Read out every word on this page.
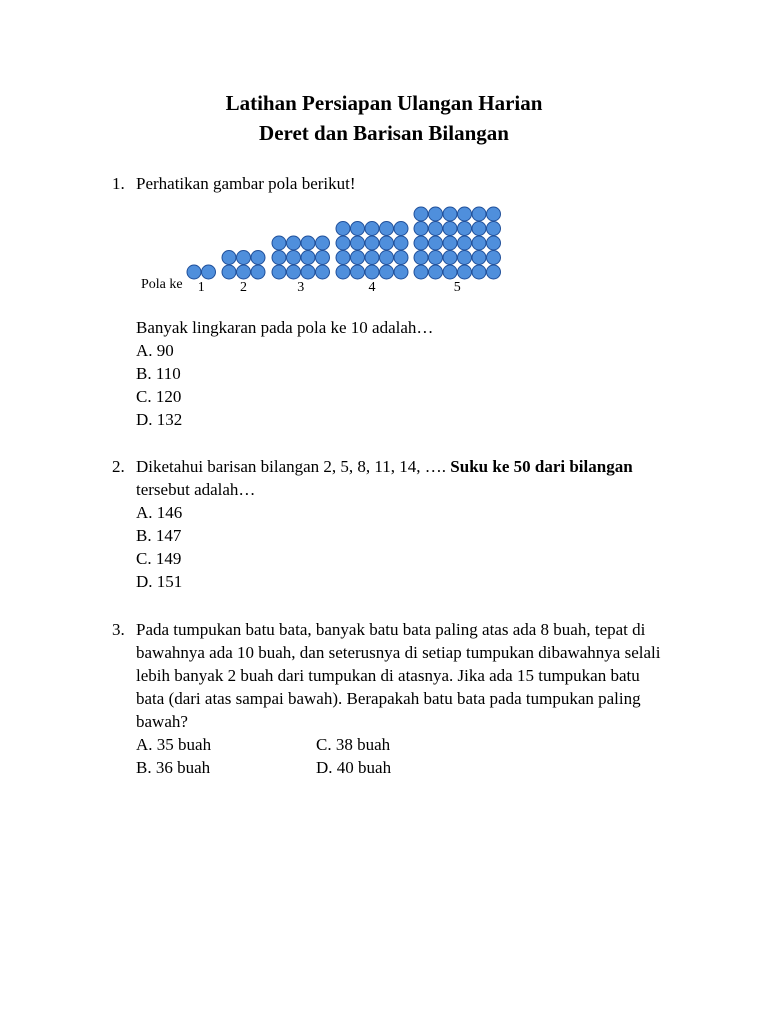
Latihan Persiapan Ulangan Harian
Deret dan Barisan Bilangan
1. Perhatikan gambar pola berikut!
Pola ke 1	2	3	4	5
Banyak lingkaran pada pola ke 10 adalah…
A. 90
B. 110
C. 120
D. 132
2. Diketahui barisan bilangan 2, 5, 8, 11, 14, …. Suku ke 50 dari bilangan
tersebut adalah…
A. 146
B. 147
C. 149
D. 151
3. Pada tumpukan batu bata, banyak batu bata paling atas ada 8 buah, tepat di
bawahnya ada 10 buah, dan seterusnya di setiap tumpukan dibawahnya selali
lebih banyak 2 buah dari tumpukan di atasnya. Jika ada 15 tumpukan batu
bata (dari atas sampai bawah). Berapakah batu bata pada tumpukan paling
bawah?
A. 35 buah	C. 38 buah
B. 36 buah	D. 40 buah
